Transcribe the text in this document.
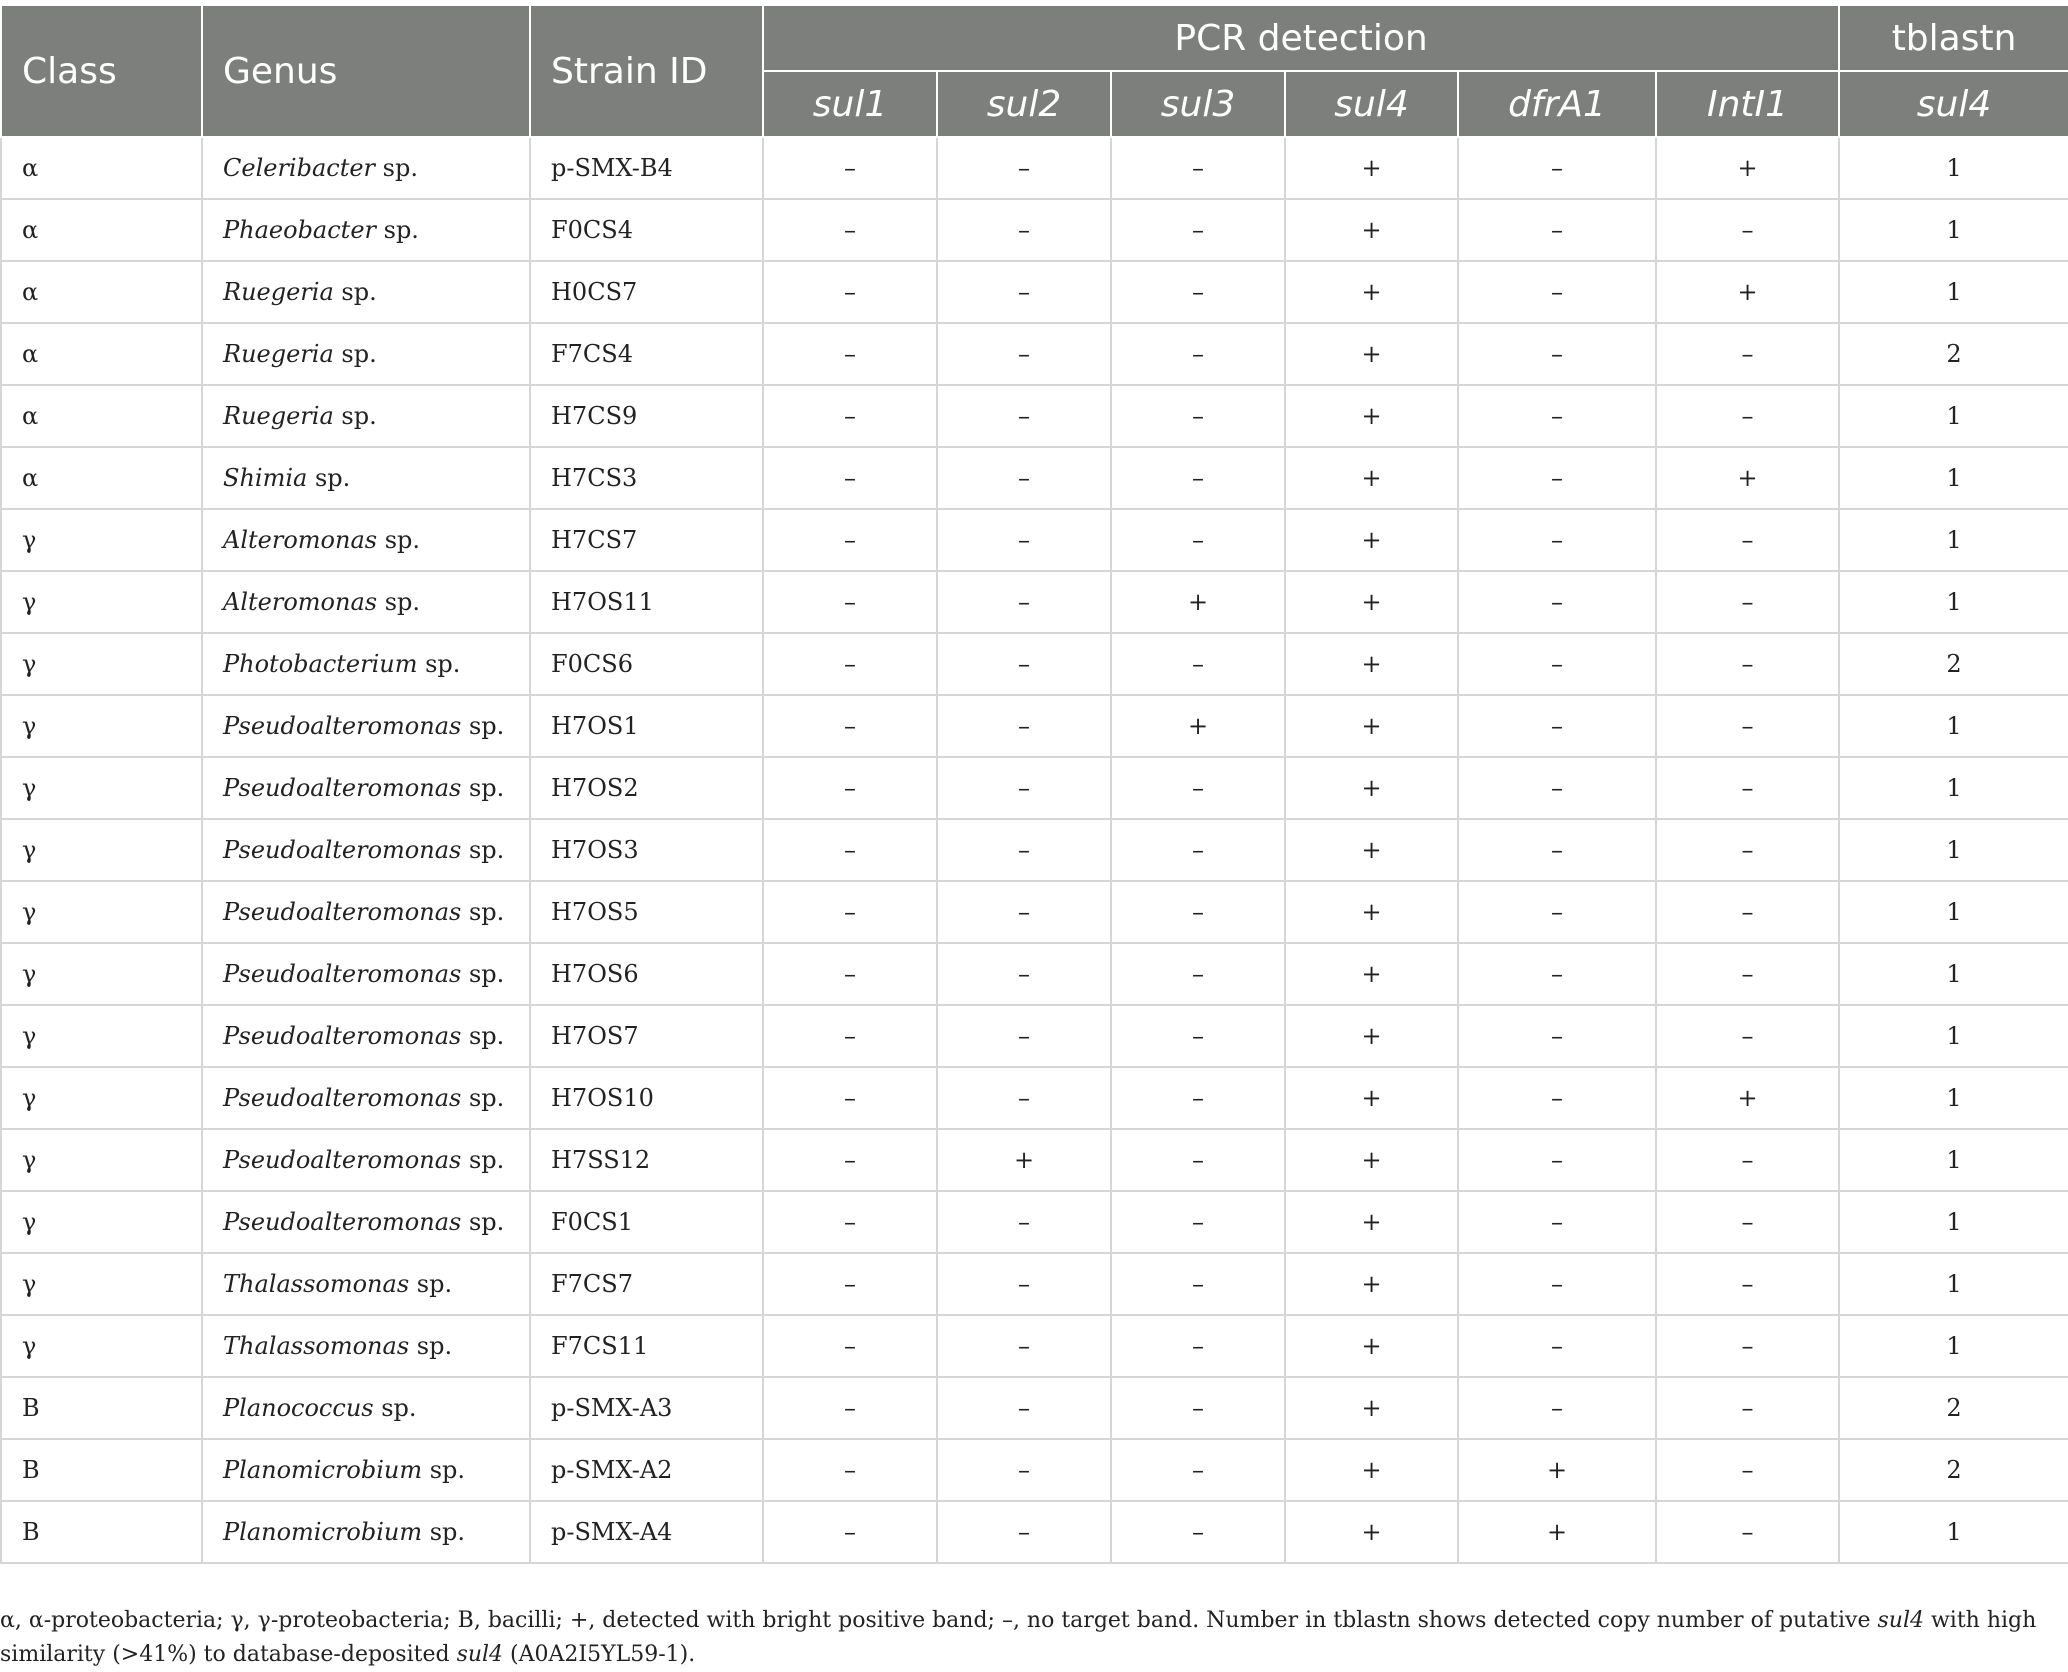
Class	Genus	Strain ID	PCR detection						tblastn
			sul1	sul2	sul3	sul4	dfrA1	IntI1	sul4
α	Celeribacter sp.	p-SMX-B4	–	–	–	+	–	+	1
α	Phaeobacter sp.	F0CS4	–	–	–	+	–	–	1
α	Ruegeria sp.	H0CS7	–	–	–	+	–	+	1
α	Ruegeria sp.	F7CS4	–	–	–	+	–	–	2
α	Ruegeria sp.	H7CS9	–	–	–	+	–	–	1
α	Shimia sp.	H7CS3	–	–	–	+	–	+	1
γ	Alteromonas sp.	H7CS7	–	–	–	+	–	–	1
γ	Alteromonas sp.	H7OS11	–	–	+	+	–	–	1
γ	Photobacterium sp.	F0CS6	–	–	–	+	–	–	2
γ	Pseudoalteromonas sp.	H7OS1	–	–	+	+	–	–	1
γ	Pseudoalteromonas sp.	H7OS2	–	–	–	+	–	–	1
γ	Pseudoalteromonas sp.	H7OS3	–	–	–	+	–	–	1
γ	Pseudoalteromonas sp.	H7OS5	–	–	–	+	–	–	1
γ	Pseudoalteromonas sp.	H7OS6	–	–	–	+	–	–	1
γ	Pseudoalteromonas sp.	H7OS7	–	–	–	+	–	–	1
γ	Pseudoalteromonas sp.	H7OS10	–	–	–	+	–	+	1
γ	Pseudoalteromonas sp.	H7SS12	–	+	–	+	–	–	1
γ	Pseudoalteromonas sp.	F0CS1	–	–	–	+	–	–	1
γ	Thalassomonas sp.	F7CS7	–	–	–	+	–	–	1
γ	Thalassomonas sp.	F7CS11	–	–	–	+	–	–	1
B	Planococcus sp.	p-SMX-A3	–	–	–	+	–	–	2
B	Planomicrobium sp.	p-SMX-A2	–	–	–	+	+	–	2
B	Planomicrobium sp.	p-SMX-A4	–	–	–	+	+	–	1

α, α-proteobacteria; γ, γ-proteobacteria; B, bacilli; +, detected with bright positive band; –, no target band. Number in tblastn shows detected copy number of putative sul4 with high similarity (>41%) to database-deposited sul4 (A0A2I5YL59-1).
